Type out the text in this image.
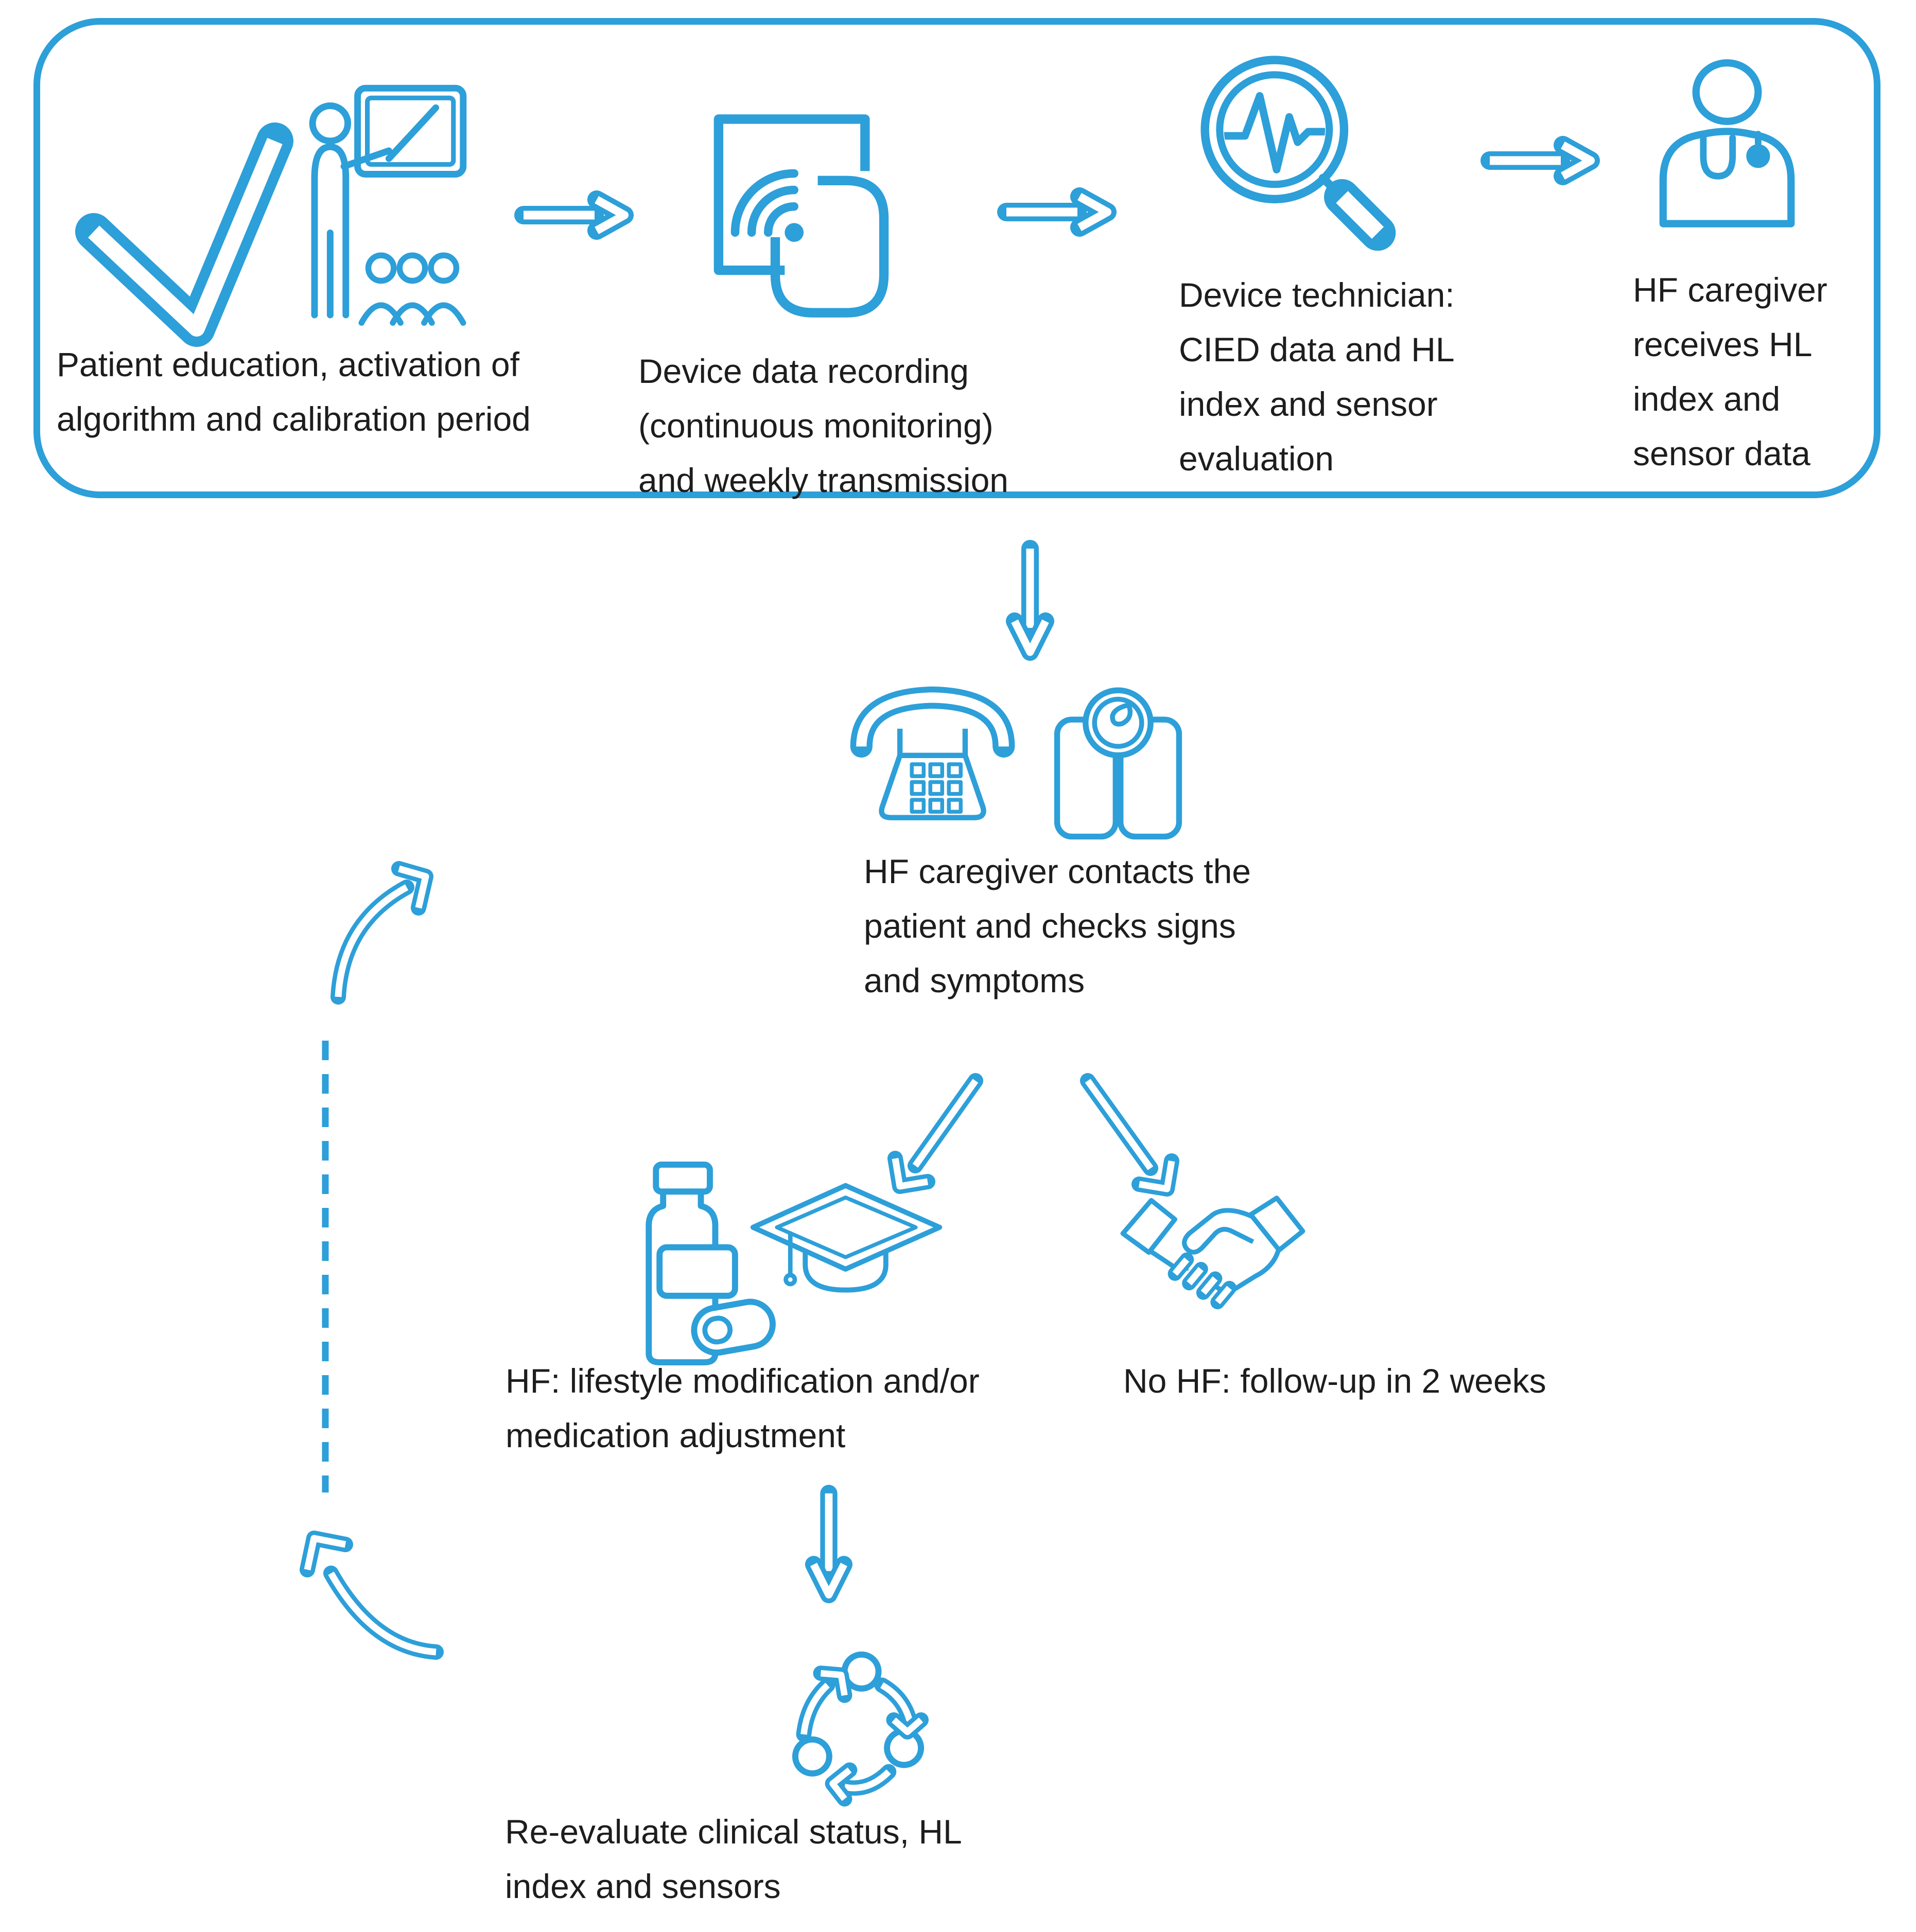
Patient education, activation of
algorithm and calibration period
Device data recording
(continuous monitoring)
and weekly transmission
Device technician:
CIED data and HL
index and sensor
evaluation
HF caregiver
receives HL
index and
sensor data
HF caregiver contacts the
patient and checks signs
and symptoms
HF: lifestyle modification and/or
medication adjustment
No HF: follow-up in 2 weeks
Re-evaluate clinical status, HL
index and sensors
